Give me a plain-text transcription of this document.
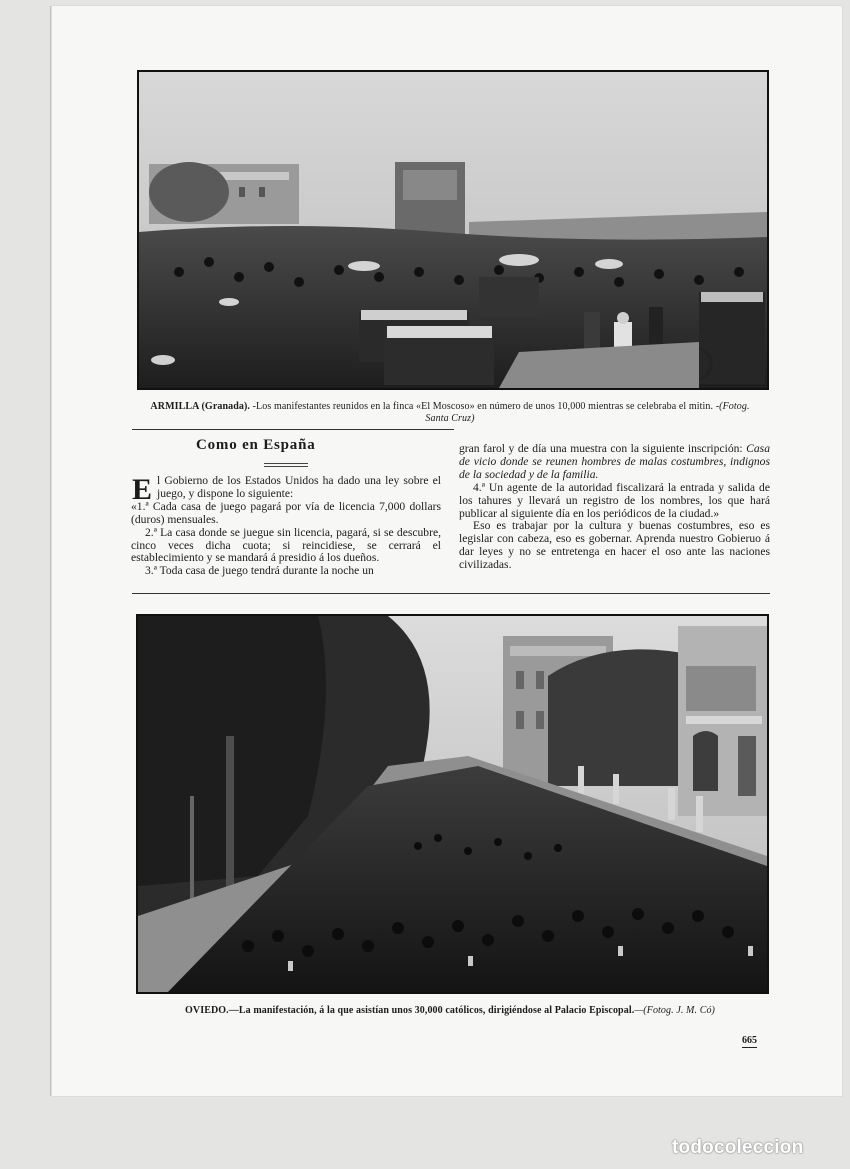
ARMILLA (Granada). -Los manifestantes reunidos en la finca «El Moscoso» en número de unos 10,000 mientras se celebraba el mitin. -(Fotog. Santa Cruz)
Como en España
E l Gobierno de los Estados Unidos ha dado una ley sobre el juego, y dispone lo siguiente:

«1.ª Cada casa de juego pagará por vía de licencia 7,000 dollars (duros) mensuales.

2.ª La casa donde se juegue sin licencia, pagará, si se descubre, cinco veces dicha cuota; si reincidiese, se cerrará el establecimiento y se mandará á presidio á los dueños.

3.ª Toda casa de juego tendrá durante la noche un

gran farol y de día una muestra con la siguiente inscripción: Casa de vicio donde se reunen hombres de malas costumbres, indignos de la sociedad y de la familia.

4.ª Un agente de la autoridad fiscalizará la entrada y salida de los tahures y llevará un registro de los nombres, los que hará publicar al siguiente día en los periódicos de la ciudad.»

Eso es trabajar por la cultura y buenas costumbres, eso es legislar con cabeza, eso es gobernar. Aprenda nuestro Gobieruo á dar leyes y no se entretenga en hacer el oso ante las naciones civilizadas.

OVIEDO.—La manifestación, á la que asistían unos 30,000 católicos, dirigiéndose al Palacio Episcopal.—(Fotog. J. M. Có)
665
todocoleccion
